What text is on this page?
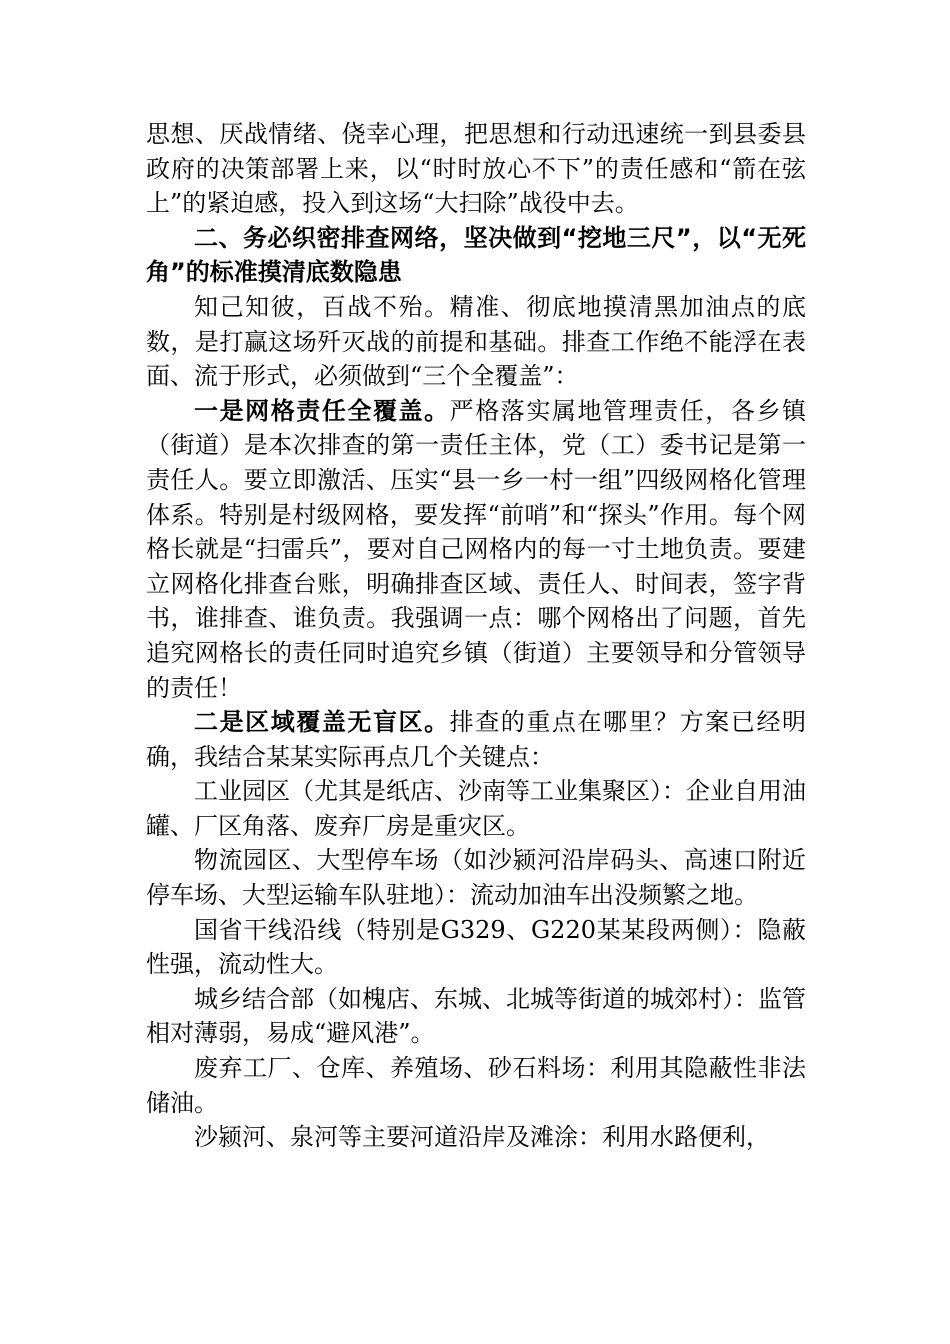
思想、厌战情绪、侥幸心理，把思想和行动迅速统一到县委县政府的决策部署上来，以“时时放心不下”的责任感和“箭在弦上”的紧迫感，投入到这场“大扫除”战役中去。

二、务必织密排查网络，坚决做到“挖地三尺”，以“无死角”的标准摸清底数隐患

知己知彼，百战不殆。精准、彻底地摸清黑加油点的底数，是打赢这场歼灭战的前提和基础。排查工作绝不能浮在表面、流于形式，必须做到“三个全覆盖”：

一是网格责任全覆盖。严格落实属地管理责任，各乡镇（街道）是本次排查的第一责任主体，党（工）委书记是第一责任人。要立即激活、压实“县一乡一村一组”四级网格化管理体系。特别是村级网格，要发挥“前哨”和“探头”作用。每个网格长就是“扫雷兵”，要对自己网格内的每一寸土地负责。要建立网格化排查台账，明确排查区域、责任人、时间表，签字背书，谁排查、谁负责。我强调一点：哪个网格出了问题，首先追究网格长的责任同时追究乡镇（街道）主要领导和分管领导的责任！

二是区域覆盖无盲区。排查的重点在哪里？方案已经明确，我结合某某实际再点几个关键点：

工业园区（尤其是纸店、沙南等工业集聚区）：企业自用油罐、厂区角落、废弃厂房是重灾区。

物流园区、大型停车场（如沙颍河沿岸码头、高速口附近停车场、大型运输车队驻地）：流动加油车出没频繁之地。

国省干线沿线（特别是G329、G220某某段两侧）：隐蔽性强，流动性大。

城乡结合部（如槐店、东城、北城等街道的城郊村）：监管相对薄弱，易成“避风港”。

废弃工厂、仓库、养殖场、砂石料场：利用其隐蔽性非法储油。

沙颍河、泉河等主要河道沿岸及滩涂：利用水路便利，
